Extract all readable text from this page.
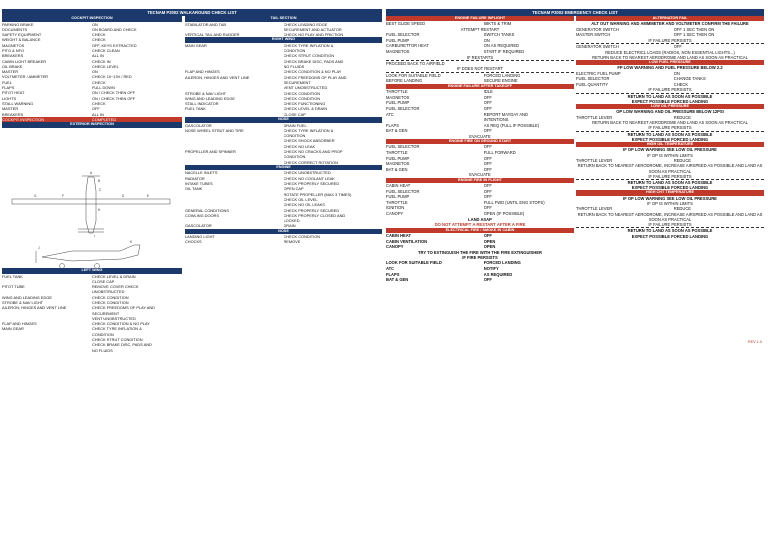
TECNAM P2002 WALKAROUND CHECK LIST
COCKPIT INSPECTION
PARKING BRAKE	ON
DOCUMENTS	ON BOARD AND CHECK
SAFETY EQUIPMENT	CHECK
WEIGHT & BALANCE	CHECK
MAGNETOS	OFF, KEYS EXTRACTED
PITO & NFO	CHECK CLEAN
BREAKERS	ALL IN
CABIN LIGHT BREAKER	CHECK IN
OIL BRAKE	CHECK LEVEL
MASTER	ON
VOLTMETER / AMMETER	CHECK 10~13V / RED
FUEL	CHECK
FLAPS	FULL DOWN
PITOT HEAT	ON / CHECK THEN OFF
LIGHTS	ON / CHECK THEN OFF
STALL WARNING	CHECK
MASTER	OFF
BREAKERS	ALL IN
COCKPIT INSPECTION	COMPLETED
EXTERIOR INSPECTION
A
B
C
D	E
F
G
H
I
J
K
LEFT WING
FUEL TANK	CHECK LEVEL & DRAIN
CLOSE CAP
PITOT TUBE	REMOVE COVER CHECK
UNOBSTRUCTED
WING AND LEADING EDGE	CHECK CONDITION
STROBE & NAV LIGHT	CHECK CONDITION
AILERON, HINGES AND VENT LINE	CHECK FREEDOMS OF PLAY AND
SECUREMENT
VENT UNOBSTRUCTED
FLAP AND HINGES	CHECK CONDITION & NO PLAY
MAIN GEAR	CHECK TYRE INFLATION &
CONDITION
CHECK STRUT CONDITION
CHECK BRAKE DISC, PADS AND
NO FLUIDS
TAIL SECTION
STABILATOR AND TAB	CHECK LEADING EDGE
SECUREMENT AND ACTUATOR
VERTICAL TAIL AND RUDDER	CHECK NO PLAY AND FRICTION
RIGHT WING
MAIN GEAR	CHECK TYRE INFLATION &
CONDITION
CHECK STRUT CONDITION
CHECK BRAKE DISC, PADS AND
NO FLUIDS
FLAP AND HINGES	CHECK CONDITION & NO PLAY
AILERON, HINGES AND VENT LINE	CHECK FREEDOMS OF PLAY AND
SECUREMENT
VENT UNOBSTRUCTED
STROBE & NAV LIGHT	CHECK CONDITION
WING AND LEADING EDGE	CHECK CONDITION
STALL INDICATOR	CHECK FUNCTIONING
FUEL TANK	CHECK LEVEL & DRAIN
CLOSE CAP
NOSE
GASCOLATOR	DRAIN FUEL
NOSE WHEEL STRUT AND TIRE	CHECK TYRE INFLATION &
CONDITION
CHECK SHOCK ABSORBER
CHECK NO LEAK
PROPELLER AND SPINNER	CHECK NO CRACKS AND PROP
CONDITION
CHECK CORRECT ROTATION
ENGINE
NACELLE INLETS	CHECK UNOBSTRUCTED
RADIATOR	CHECK NO COOLANT LEAK
INTAKE TUBES	CHECK PROPERLY SECURED
OIL TANK	OPEN CAP
ROTATE PROPELLER (MAX 3 TIMES)
CHECK OIL LEVEL
CHECK NO OIL LEAKS
GENERAL CONDITIONS	CHECK PROPERLY SECURED
COWLING DOORS	CHECK PROPERLY CLOSED AND
LOCKED
GASCOLATOR	DRAIN
NOSE
LANDING LIGHT	CHECK CONDITION
CHOCKS	REMOVE
TECNAM P2002 EMERGENCY CHECK LIST
ENGINE FAILURE INFLIGHT
BEST GLIDE SPEED	68KTS & TRIM
ATTEMPT RESTART
FUEL SELECTOR	SWITCH TANKS
FUEL PUMP	ON
CARBURETTOR HEAT	ON AS REQUIRED
MAGNETOS	START IF REQUIRED
IF RESTARTS
PROCEED BACK TO AIRFIELD
IF DOES NOT RESTART
LOOK FOR SUITABLE FIELD	FORCED LANDING
BEFORE LANDING	SECURE ENGINE
ENGINE FAILURE AFTER TAKEOFF
THROTTLE	IDLE
MAGNETOS	OFF
FUEL PUMP	OFF
FUEL SELECTOR	OFF
ATC	REPORT MAYDAY AND
INTENTIONS
FLAPS	AS REQ (FULL IF POSSIBLE)
BAT & GEN	OFF
EVACUATE
ENGINE FIRE ON GROUND START
FUEL SELECTOR	OFF
THROTTLE	FULL FORWARD
FUEL PUMP	OFF
MAGNETOS	OFF
BAT & GEN	OFF
EVACUATE
ENGINE FIRE IN FLIGHT
CABIN HEAT	OFF
FUEL SELECTOR	OFF
FUEL PUMP	OFF
THROTTLE	FULL FWD (UNTIL ENG STOPS)
IGNITION	OFF
CANOPY	OPEN (IF POSSIBLE)
LAND ASAP
DO NOT ATTEMPT A RESTART AFTER A FIRE
ELECTRICAL FIRE / SMOKE IN CABIN
CABIN HEAT	OFF
CABIN VENTILATION	OPEN
CANOPY	OPEN
TRY TO EXTINGUISH THE FIRE WITH THE FIRE EXTINGUISHER
IF FIRE PERSISTS
LOOK FOR SUITABLE FIELD	FORCED LANDING
ATC	NOTIFY
FLAPS	AS REQUIRED
BAT & GEN	OFF
ALTERNATOR FAIL
ALT OUT WARNING AND AMMMETER AND VOLTMETER CONFIRM THE FAILURE
GENERATOR SWITCH	OFF 1 SEC THEN ON
MASTER SWITCH	OFF 1 SEC THEN ON
IF FAILURE PERSISTS
GENERATOR SWITCH	OFF
REDUCE ELECTRICL LOADS (RADIOS, NON ESSENTIAL LIGHTS...)
RETURN BACK TO NEAREST AERODROME AND LAND AS SOON AS PRACTICAL
LOW FUEL PRESSURE
FP LOW WARNING AND FUEL PRESSURE BELOW 2.2
ELECTRIC FUEL PUMP	ON
FUEL SELECTOR	CHANGE TANKS
FUEL QUANTITY	CHECK
IF FAILURE PERSISTS
RETURN TO LAND AS SOON AS POSSIBLE
EXPECT POSSIBLE FORCED LANDING
LOW OIL PRESSURE
OP LOW WARNING AND OIL PRESSURE BELOW 12PSI
THROTTLE LEVER	REDUCE
RETURN BACK TO NEAREST AERODROME AND LAND AS SOON AS PRACTICAL
IF FAILURE PERSISTS
RETURN TO LAND AS SOON AS POSSIBLE
EXPECT POSSIBLE FORCED LANDING
HIGH OIL TEMPERATURE
IF OP LOW WARNING SEE LOW OIL PRESSURE
IF OP IS WITHIN LIMITS
THROTTLE LEVER	REDUCE
RETURN BACK TO NEAREST AERODROME, INCREASE AIRSPEED AS POSSIBLE AND LAND AS SOON AS PRACTICAL
IF FAILURE PERSISTS
RETURN TO LAND AS SOON AS POSSIBLE
EXPECT POSSIBLE FORCED LANDING
HIGH CHT TEMPERATURE
IF OP LOW WARNING SEE LOW OIL PRESSURE
IF OP IS WITHIN LIMITS
THROTTLE LEVER	REDUCE
RETURN BACK TO NEAREST AERODROME, INCREASE AIRSPEED AS POSSIBLE AND LAND AS SOON AS PRACTICAL
IF FAILURE PERSISTS
RETURN TO LAND AS SOON AS POSSIBLE
EXPECT POSSIBLE FORCED LANDING
REV 1.0
